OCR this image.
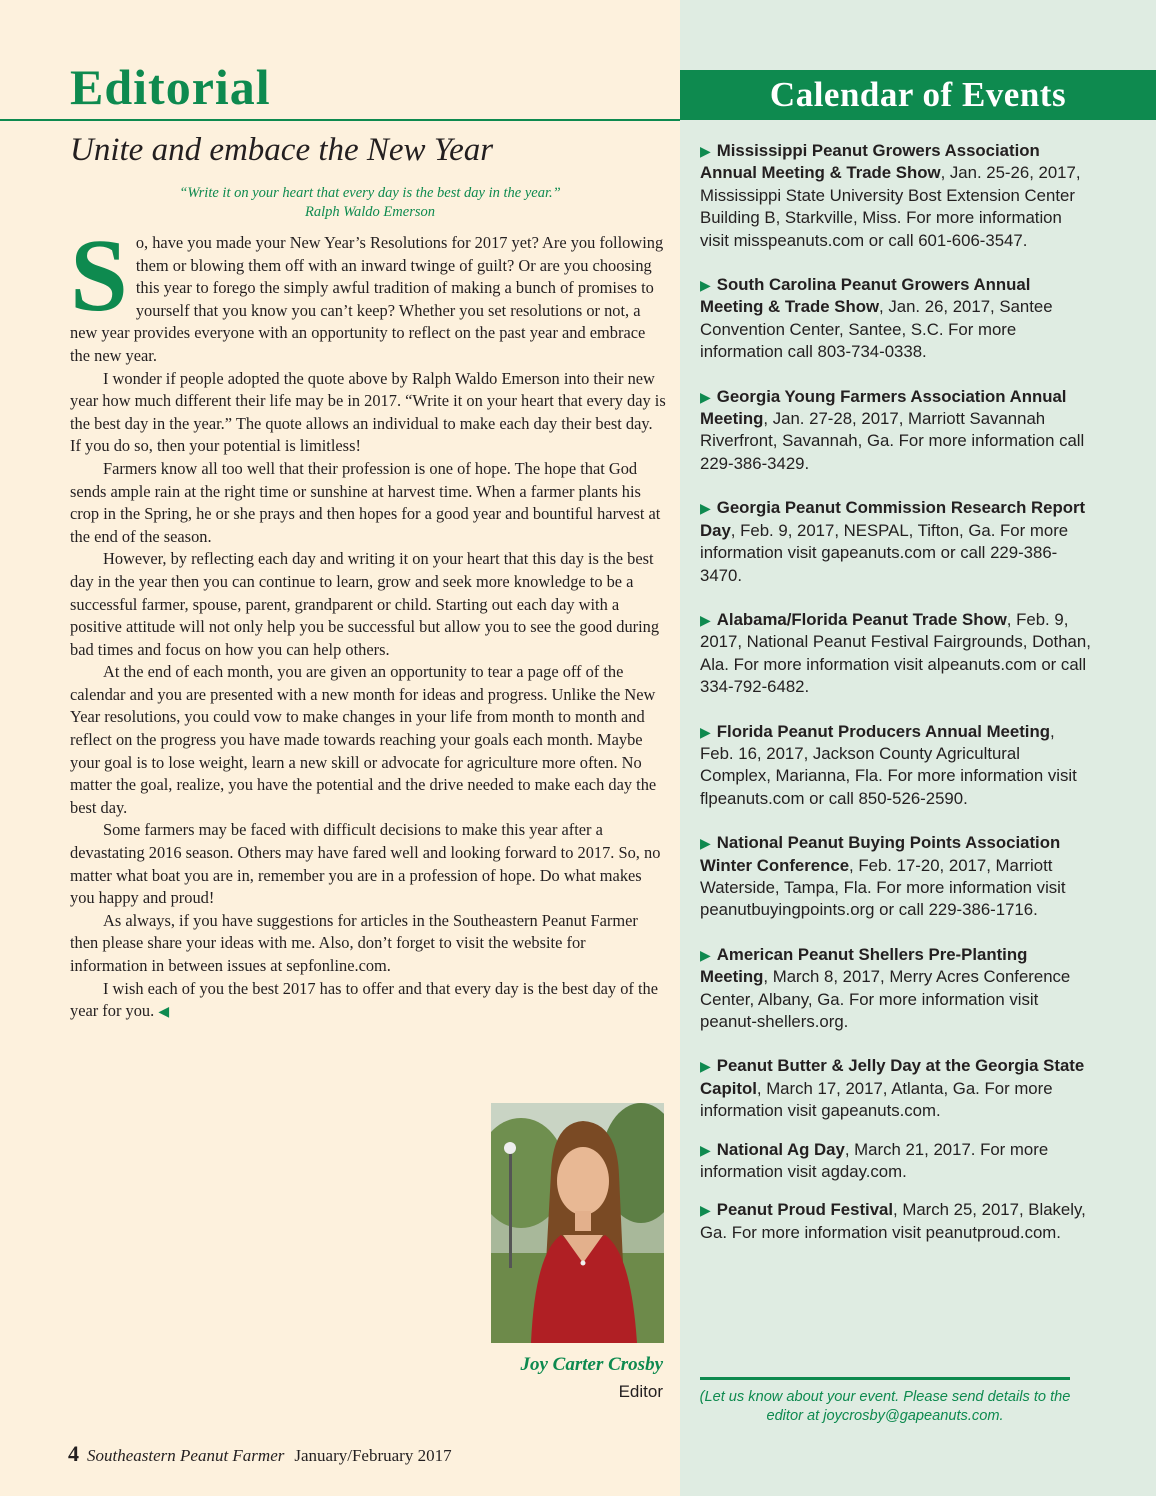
Editorial	Calendar of Events
Unite and embace the New Year
“Write it on your heart that every day is the best day in the year.”
Ralph Waldo Emerson

So, have you made your New Year’s Resolutions for 2017 yet? Are you following them or blowing them off with an inward twinge of guilt? Or are you choosing this year to forego the simply awful tradition of making a bunch of promises to yourself that you know you can’t keep? Whether you set resolutions or not, a new year provides everyone with an opportunity to reflect on the past year and embrace the new year.

I wonder if people adopted the quote above by Ralph Waldo Emerson into their new year how much different their life may be in 2017. “Write it on your heart that every day is the best day in the year.” The quote allows an individual to make each day their best day. If you do so, then your potential is limitless!

Farmers know all too well that their profession is one of hope. The hope that God sends ample rain at the right time or sunshine at harvest time. When a farmer plants his crop in the Spring, he or she prays and then hopes for a good year and bountiful harvest at the end of the season.

However, by reflecting each day and writing it on your heart that this day is the best day in the year then you can continue to learn, grow and seek more knowledge to be a successful farmer, spouse, parent, grandparent or child. Starting out each day with a positive attitude will not only help you be successful but allow you to see the good during bad times and focus on how you can help others.

At the end of each month, you are given an opportunity to tear a page off of the calendar and you are presented with a new month for ideas and progress. Unlike the New Year resolutions, you could vow to make changes in your life from month to month and reflect on the progress you have made towards reaching your goals each month. Maybe your goal is to lose weight, learn a new skill or advocate for agriculture more often. No matter the goal, realize, you have the potential and the drive needed to make each day the best day.

Some farmers may be faced with difficult decisions to make this year after a devastating 2016 season. Others may have fared well and looking forward to 2017. So, no matter what boat you are in, remember you are in a profession of hope. Do what makes you happy and proud!

As always, if you have suggestions for articles in the Southeastern Peanut Farmer then please share your ideas with me. Also, don’t forget to visit the website for information in between issues at sepfonline.com.

I wish each of you the best 2017 has to offer and that every day is the best day of the year for you. ◀

Joy Carter Crosby
Editor
4 Southeastern Peanut Farmer January/February 2017

▶ Mississippi Peanut Growers Association Annual Meeting & Trade Show, Jan. 25-26, 2017, Mississippi State University Bost Extension Center Building B, Starkville, Miss. For more information visit misspeanuts.com or call 601-606-3547.

▶ South Carolina Peanut Growers Annual Meeting & Trade Show, Jan. 26, 2017, Santee Convention Center, Santee, S.C. For more information call 803-734-0338.

▶ Georgia Young Farmers Association Annual Meeting, Jan. 27-28, 2017, Marriott Savannah Riverfront, Savannah, Ga. For more information call 229-386-3429.

▶ Georgia Peanut Commission Research Report Day, Feb. 9, 2017, NESPAL, Tifton, Ga. For more information visit gapeanuts.com or call 229-386-3470.

▶ Alabama/Florida Peanut Trade Show, Feb. 9, 2017, National Peanut Festival Fairgrounds, Dothan, Ala. For more information visit alpeanuts.com or call 334-792-6482.

▶ Florida Peanut Producers Annual Meeting, Feb. 16, 2017, Jackson County Agricultural Complex, Marianna, Fla. For more information visit flpeanuts.com or call 850-526-2590.

▶ National Peanut Buying Points Association Winter Conference, Feb. 17-20, 2017, Marriott Waterside, Tampa, Fla. For more information visit peanutbuyingpoints.org or call 229-386-1716.

▶ American Peanut Shellers Pre-Planting Meeting, March 8, 2017, Merry Acres Conference Center, Albany, Ga. For more information visit peanut-shellers.org.

▶ Peanut Butter & Jelly Day at the Georgia State Capitol, March 17, 2017, Atlanta, Ga. For more information visit gapeanuts.com.

▶ National Ag Day, March 21, 2017. For more information visit agday.com.

▶ Peanut Proud Festival, March 25, 2017, Blakely, Ga. For more information visit peanutproud.com.

(Let us know about your event. Please send details to the editor at joycrosby@gapeanuts.com.
